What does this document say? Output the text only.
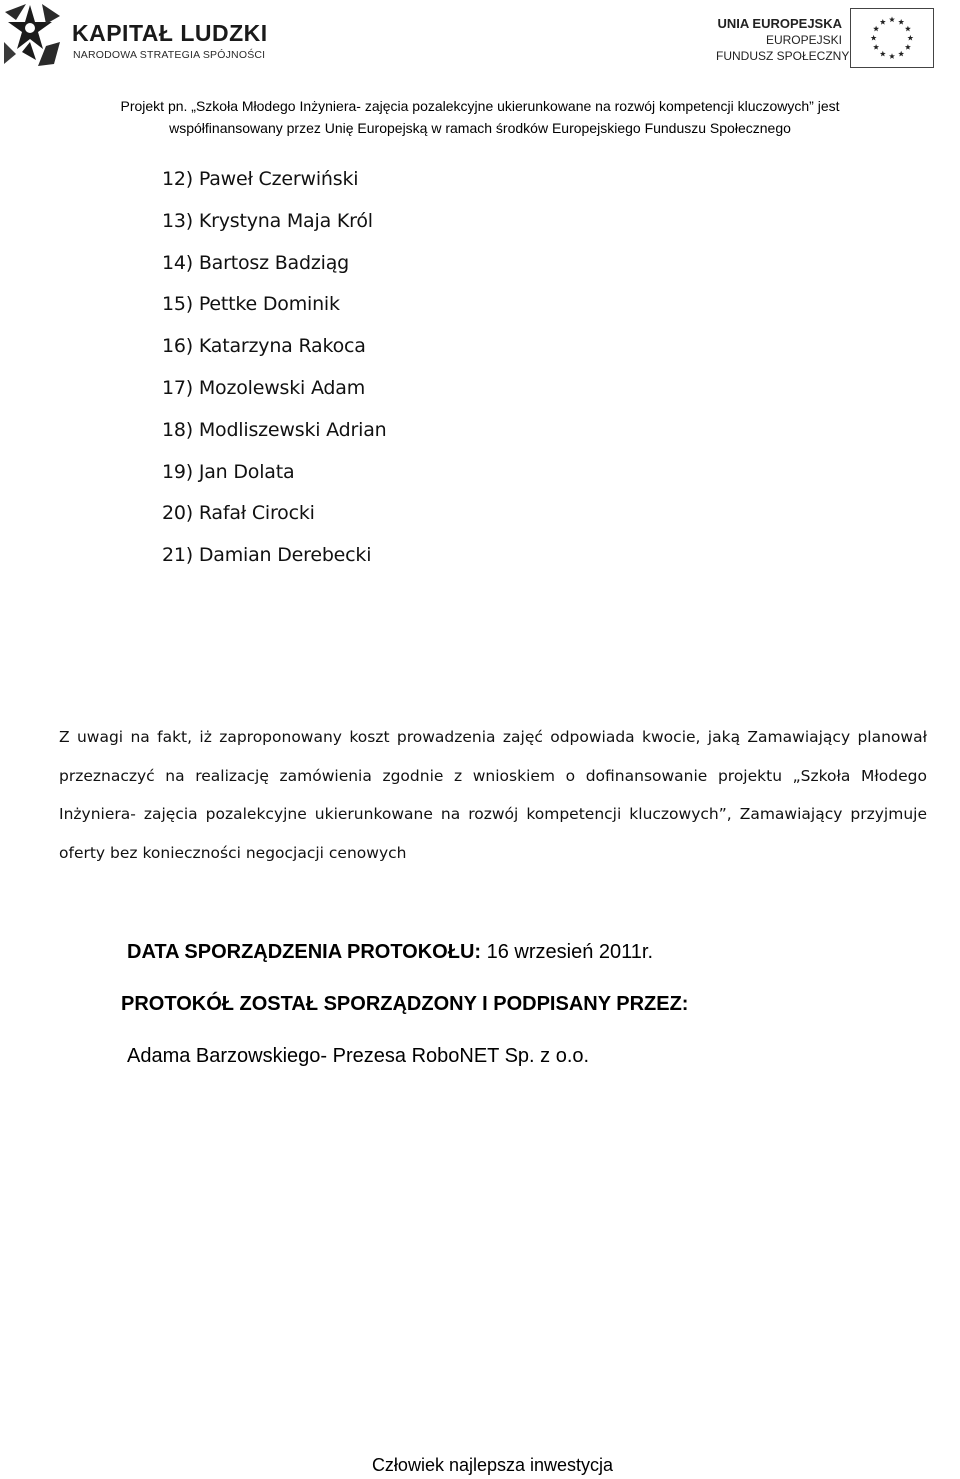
KAPITAŁ LUDZKI
NARODOWA STRATEGIA SPÓJNOŚCI
UNIA EUROPEJSKA
EUROPEJSKI
FUNDUSZ SPOŁECZNY
Projekt pn. „Szkoła Młodego Inżyniera- zajęcia pozalekcyjne ukierunkowane na rozwój kompetencji kluczowych” jest
współfinansowany przez Unię Europejską w ramach środków Europejskiego Funduszu Społecznego
12) Paweł Czerwiński
13) Krystyna Maja Król
14) Bartosz Badziąg
15) Pettke Dominik
16) Katarzyna Rakoca
17) Mozolewski Adam
18) Modliszewski Adrian
19) Jan Dolata
20) Rafał Cirocki
21) Damian Derebecki

Z uwagi na fakt, iż zaproponowany koszt prowadzenia zajęć odpowiada kwocie, jaką Zamawiający planował przeznaczyć na realizację zamówienia zgodnie z wnioskiem o dofinansowanie projektu „Szkoła Młodego Inżyniera- zajęcia pozalekcyjne ukierunkowane na rozwój kompetencji kluczowych”, Zamawiający przyjmuje oferty bez konieczności negocjacji cenowych

DATA SPORZĄDZENIA PROTOKOŁU: 16 wrzesień 2011r.
PROTOKÓŁ ZOSTAŁ SPORZĄDZONY I PODPISANY PRZEZ:
Adama Barzowskiego- Prezesa RoboNET Sp. z o.o.
Człowiek najlepsza inwestycja
